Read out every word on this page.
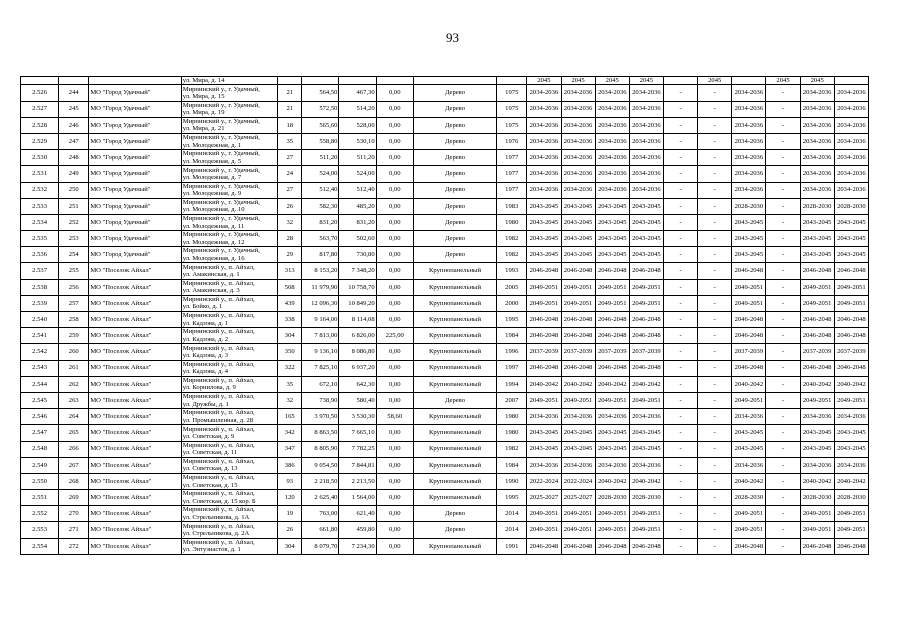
93
			ул. Мира, д. 14							2045	2045	2045	2045		2045		2045	2045	
2.526	244	МО "Город Удачный"	Мирнинский у., г. Удачный,
ул. Мира, д. 15	21	564,50	467,30	0,00	Дерево	1975	2034-2036	2034-2036	2034-2036	2034-2036	-	-	2034-2036	-	2034-2036	2034-2036
2.527	245	МО "Город Удачный"	Мирнинский у., г. Удачный,
ул. Мира, д. 19	21	572,50	514,20	0,00	Дерево	1975	2034-2036	2034-2036	2034-2036	2034-2036	-	-	2034-2036	-	2034-2036	2034-2036
2.528	246	МО "Город Удачный"	Мирнинский у., г. Удачный,
ул. Мира, д. 21	18	565,60	528,00	0,00	Дерево	1975	2034-2036	2034-2036	2034-2036	2034-2036	-	-	2034-2036	-	2034-2036	2034-2036
2.529	247	МО "Город Удачный"	Мирнинский у., г. Удачный,
ул. Молодежная, д. 1	35	558,80	530,10	0,00	Дерево	1976	2034-2036	2034-2036	2034-2036	2034-2036	-	-	2034-2036	-	2034-2036	2034-2036
2.530	248	МО "Город Удачный"	Мирнинский у., г. Удачный,
ул. Молодежная, д. 5	27	511,20	511,20	0,00	Дерево	1977	2034-2036	2034-2036	2034-2036	2034-2036	-	-	2034-2036	-	2034-2036	2034-2036
2.531	249	МО "Город Удачный"	Мирнинский у., г. Удачный,
ул. Молодежная, д. 7	24	524,00	524,00	0,00	Дерево	1977	2034-2036	2034-2036	2034-2036	2034-2036	-	-	2034-2036	-	2034-2036	2034-2036
2.532	250	МО "Город Удачный"	Мирнинский у., г. Удачный,
ул. Молодежная, д. 9	27	512,40	512,40	0,00	Дерево	1977	2034-2036	2034-2036	2034-2036	2034-2036	-	-	2034-2036	-	2034-2036	2034-2036
2.533	251	МО "Город Удачный"	Мирнинский у., г. Удачный,
ул. Молодежная, д. 10	26	582,30	485,20	0,00	Дерево	1983	2043-2045	2043-2045	2043-2045	2043-2045	-	-	2028-2030	-	2028-2030	2028-2030
2.534	252	МО "Город Удачный"	Мирнинский у., г. Удачный,
ул. Молодежная, д. 11	32	831,20	831,20	0,00	Дерево	1980	2043-2045	2043-2045	2043-2045	2043-2045	-	-	2043-2045	-	2043-2045	2043-2045
2.535	253	МО "Город Удачный"	Мирнинский у., г. Удачный,
ул. Молодежная, д. 12	28	563,70	502,60	0,00	Дерево	1982	2043-2045	2043-2045	2043-2045	2043-2045	-	-	2043-2045	-	2043-2045	2043-2045
2.536	254	МО "Город Удачный"	Мирнинский у., г. Удачный,
ул. Молодежная, д. 16	29	817,80	730,80	0,00	Дерево	1982	2043-2045	2043-2045	2043-2045	2043-2045	-	-	2043-2045	-	2043-2045	2043-2045
2.537	255	МО "Поселок Айхал"	Мирнинский у., п. Айхал,
ул. Амакинская, д. 1	313	8 153,20	7 348,20	0,00	Крупнопанельный	1993	2046-2048	2046-2048	2046-2048	2046-2048	-	-	2046-2048	-	2046-2048	2046-2048
2.538	256	МО "Поселок Айхал"	Мирнинский у., п. Айхал,
ул. Амакинская, д. 3	508	11 979,90	10 758,70	0,00	Крупнопанельный	2005	2049-2051	2049-2051	2049-2051	2049-2051	-	-	2049-2051	-	2049-2051	2049-2051
2.539	257	МО "Поселок Айхал"	Мирнинский у., п. Айхал,
ул. Бойко, д. 1	439	12 096,30	10 849,20	0,00	Крупнопанельный	2000	2049-2051	2049-2051	2049-2051	2049-2051	-	-	2049-2051	-	2049-2051	2049-2051
2.540	258	МО "Поселок Айхал"	Мирнинский у., п. Айхал,
ул. Кадзова, д. 1	338	9 164,00	8 114,08	0,00	Крупнопанельный	1995	2046-2048	2046-2048	2046-2048	2046-2048	-	-	2046-2048	-	2046-2048	2046-2048
2.541	259	МО "Поселок Айхал"	Мирнинский у., п. Айхал,
ул. Кадзова, д. 2	304	7 813,00	6 826,00	225,00	Крупнопанельный	1984	2046-2048	2046-2048	2046-2048	2046-2048	-	-	2046-2048	-	2046-2048	2046-2048
2.542	260	МО "Поселок Айхал"	Мирнинский у., п. Айхал,
ул. Кадзова, д. 3	350	9 136,10	8 086,80	0,00	Крупнопанельный	1996	2037-2039	2037-2039	2037-2039	2037-2039	-	-	2037-2039	-	2037-2039	2037-2039
2.543	261	МО "Поселок Айхал"	Мирнинский у., п. Айхал,
ул. Кадзова, д. 4	322	7 825,10	6 937,20	0,00	Крупнопанельный	1997	2046-2048	2046-2048	2046-2048	2046-2048	-	-	2046-2048	-	2046-2048	2046-2048
2.544	262	МО "Поселок Айхал"	Мирнинский у., п. Айхал,
ул. Корнилова, д. 9	35	672,10	642,30	0,00	Крупнопанельный	1994	2040-2042	2040-2042	2040-2042	2040-2042	-	-	2040-2042	-	2040-2042	2040-2042
2.545	263	МО "Поселок Айхал"	Мирнинский у., п. Айхал,
ул. Дружбы, д. 1	32	738,90	580,40	0,00	Дерево	2007	2049-2051	2049-2051	2049-2051	2049-2051	-	-	2049-2051	-	2049-2051	2049-2051
2.546	264	МО "Поселок Айхал"	Мирнинский у., п. Айхал,
ул. Промышленная, д. 28	165	3 970,50	3 530,30	58,60	Крупнопанельный	1980	2034-2036	2034-2036	2034-2036	2034-2036	-	-	2034-2036	-	2034-2036	2034-2036
2.547	265	МО "Поселок Айхал"	Мирнинский у., п. Айхал,
ул. Советская, д. 9	342	8 863,50	7 665,10	0,00	Крупнопанельный	1980	2043-2045	2043-2045	2043-2045	2043-2045	-	-	2043-2045	-	2043-2045	2043-2045
2.548	266	МО "Поселок Айхал"	Мирнинский у., п. Айхал,
ул. Советская, д. 11	347	8 805,90	7 782,25	0,00	Крупнопанельный	1982	2043-2045	2043-2045	2043-2045	2043-2045	-	-	2043-2045	-	2043-2045	2043-2045
2.549	267	МО "Поселок Айхал"	Мирнинский у., п. Айхал,
ул. Советская, д. 13	386	9 054,50	7 844,81	0,00	Крупнопанельный	1984	2034-2036	2034-2036	2034-2036	2034-2036	-	-	2034-2036	-	2034-2036	2034-2036
2.550	268	МО "Поселок Айхал"	Мирнинский у., п. Айхал,
ул. Советская, д. 15	93	2 218,50	2 213,50	0,00	Крупнопанельный	1990	2022-2024	2022-2024	2040-2042	2040-2042	-	-	2040-2042	-	2040-2042	2040-2042
2.551	269	МО "Поселок Айхал"	Мирнинский у., п. Айхал,
ул. Советская, д. 15 кор. Б	120	2 625,40	1 564,00	0,00	Крупнопанельный	1995	2025-2027	2025-2027	2028-2030	2028-2030	-	-	2028-2030	-	2028-2030	2028-2030
2.552	270	МО "Поселок Айхал"	Мирнинский у., п. Айхал,
ул. Стрельникова, д. 1А	19	763,00	621,40	0,00	Дерево	2014	2049-2051	2049-2051	2049-2051	2049-2051	-	-	2049-2051	-	2049-2051	2049-2051
2.553	271	МО "Поселок Айхал"	Мирнинский у., п. Айхал,
ул. Стрельникова, д. 2А	26	661,80	459,80	0,00	Дерево	2014	2049-2051	2049-2051	2049-2051	2049-2051	-	-	2049-2051	-	2049-2051	2049-2051
2.554	272	МО "Поселок Айхал"	Мирнинский у., п. Айхал,
ул. Энтузиастов, д. 1	304	8 079,70	7 234,30	0,00	Крупнопанельный	1991	2046-2048	2046-2048	2046-2048	2046-2048	-	-	2046-2048	-	2046-2048	2046-2048
